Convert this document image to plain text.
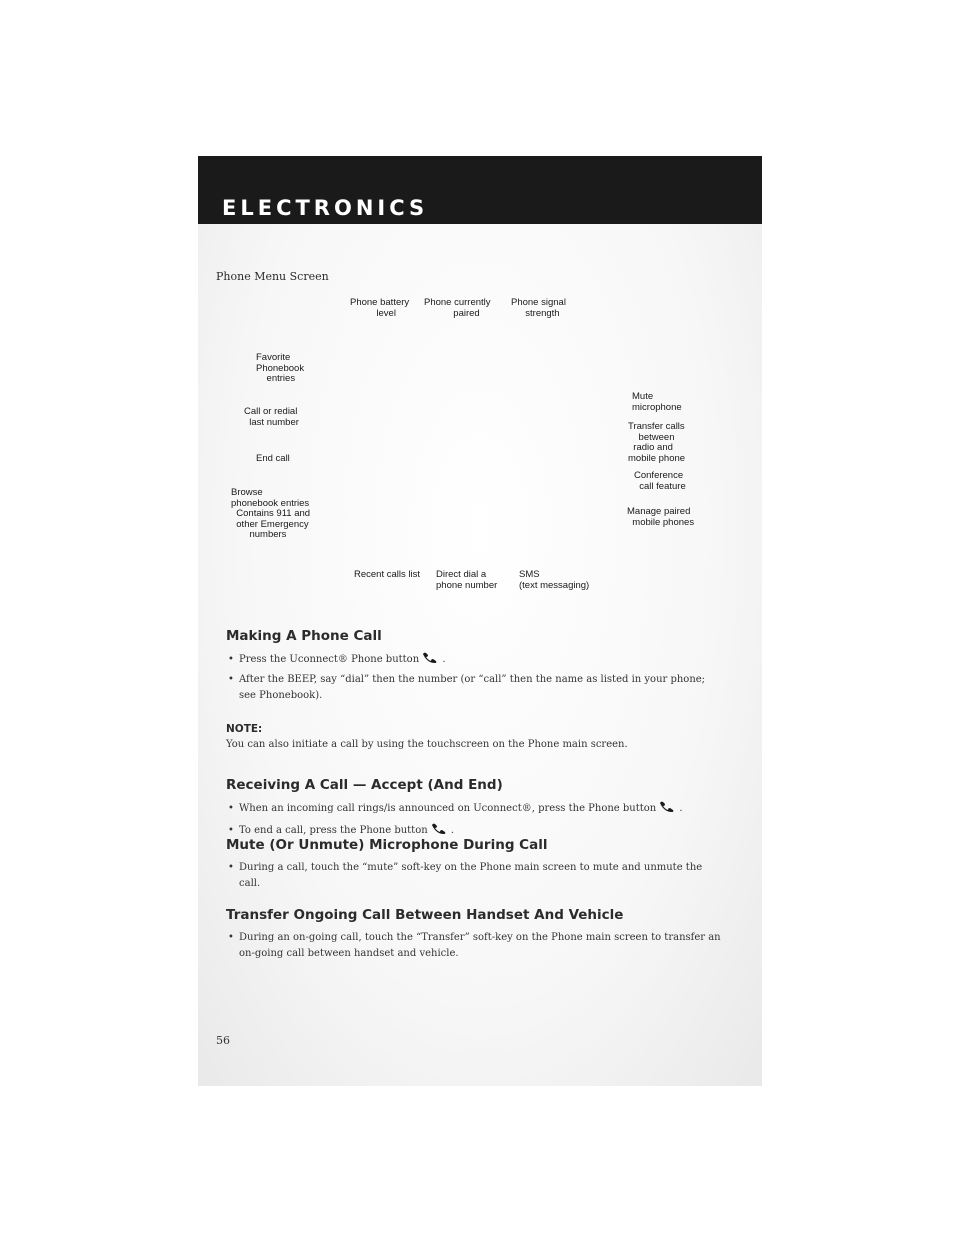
ELECTRONICS

Phone Menu Screen

Phone battery
level

Phone currently
paired

Phone signal
strength

Favorite
Phonebook
entries

Call or redial
last number

End call

Browse
phonebook entries
Contains 911 and
other Emergency
numbers

Mute
microphone

Transfer calls
between
radio and
mobile phone

Conference
call feature

Manage paired
mobile phones

Recent calls list Direct dial a
phone number

SMS
(text messaging)

Making A Phone Call

• Press the Uconnect® Phone button .

• After the BEEP, say “dial” then the number (or “call” then the name as listed in your phone; see Phonebook).

NOTE:

You can also initiate a call by using the touchscreen on the Phone main screen.

Receiving A Call — Accept (And End)

• When an incoming call rings/is announced on Uconnect®, press the Phone button .

• To end a call, press the Phone button .

Mute (Or Unmute) Microphone During Call

• During a call, touch the “mute” soft-key on the Phone main screen to mute and unmute the call.

Transfer Ongoing Call Between Handset And Vehicle

• During an on-going call, touch the “Transfer” soft-key on the Phone main screen to transfer an on-going call between handset and vehicle.

56
